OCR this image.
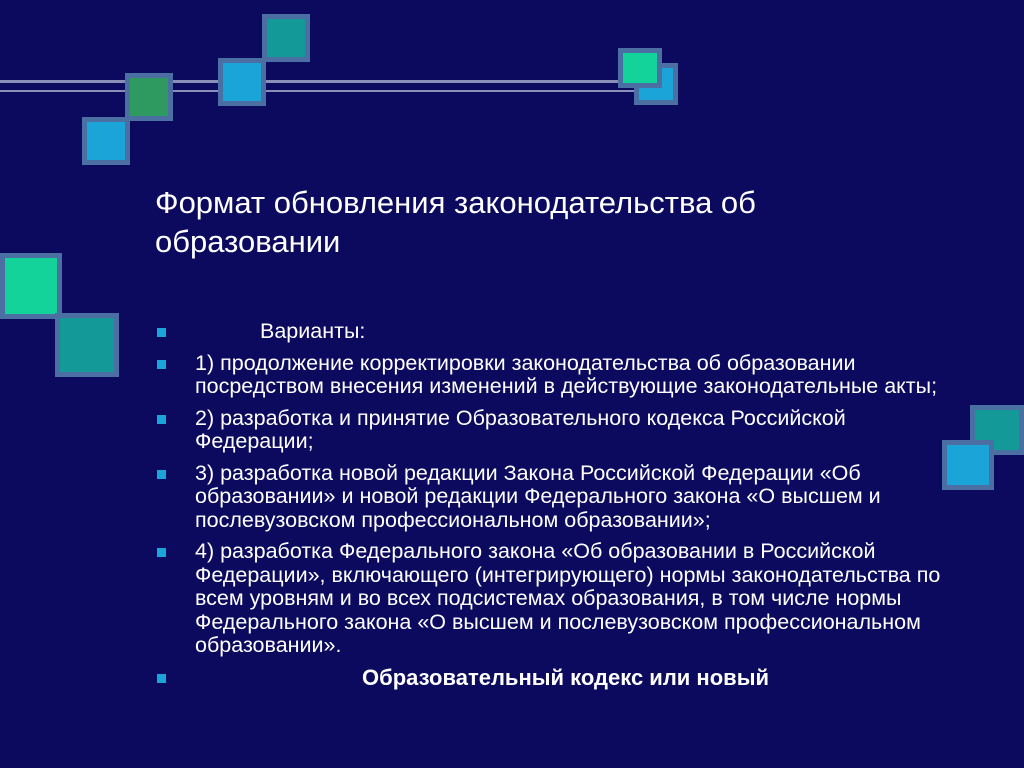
Формат обновления законодательства об образовании
Варианты:
1) продолжение корректировки законодательства об образовании посредством внесения изменений в действующие законодательные акты;
2) разработка и принятие Образовательного кодекса Российской Федерации;
3) разработка новой редакции Закона Российской Федерации «Об образовании» и новой редакции Федерального закона «О высшем и послевузовском профессиональном образовании»;
4) разработка Федерального закона «Об образовании в Российской Федерации», включающего (интегрирующего) нормы законодательства по всем уровням и во всех подсистемах образования, в том числе нормы Федерального закона «О высшем и послевузовском профессиональном образовании».
Образовательный кодекс или новый
